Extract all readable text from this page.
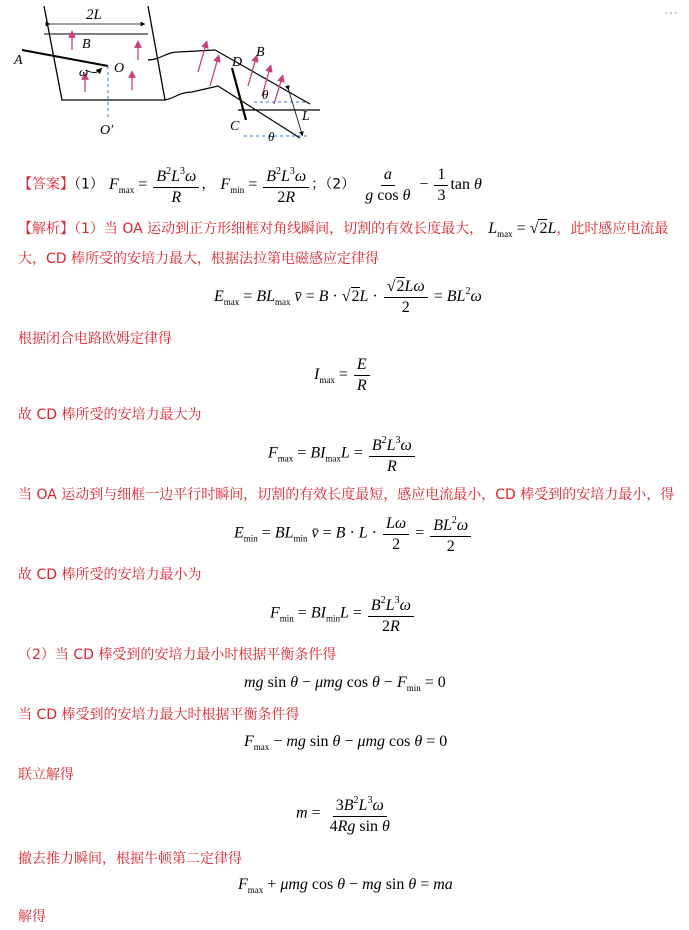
2L
B
A
O
ω
O′
D
B
C
θ
L
θ
…
【答案】（1） $F_{max} = \frac{B^2L^3\omega}{R}$ ， $F_{min} = \frac{B^2L^3\omega}{2R}$ ；$(2) \frac{a}{\text{g cos θ}} - \frac{1}{3}$ tan θ
【解析】（1）当 OA 运动到正方形细框对角线瞬间，切割的有效长度最大， $L_{max} = √2L$，此时感应电流最
大，CD 棒所受的安培力最大，根据法拉第电磁感应定律得
$E_{max} = BL_{max}$ v̄ = $B \cdot √2L \cdot \frac{√2L\omega}{2} = BL^2\omega$
根据闭合电路欧姆定律得
$I_{max} = \frac{E}{R}$
故 CD 棒所受的安培力最大为
$F_{max} = BI_{max}L = \frac{B^2L^3\omega}{R}$
当 OA 运动到与细框一边平行时瞬间，切割的有效长度最短，感应电流最小，CD 棒受到的安培力最小，得
$E_{min} = BL_{min}$ v̄ = $B \cdot L \cdot \frac{L\omega}{2} = \frac{BL^2\omega}{2}$
故 CD 棒所受的安培力最小为
$F_{min} = BI_{min}L = \frac{B^2L^3\omega}{2R}$
（2）当 CD 棒受到的安培力最小时根据平衡条件得
mg sin θ − μmg $\cos \theta - F_{min} = 0$
当 CD 棒受到的安培力最大时根据平衡条件得
$F_{max}$ − mg sin θ − μmg cos θ = 0
联立解得
$m = \frac{3B^2L^3\omega}{\text{4Rg sin θ}}$
撤去推力瞬间，根据牛顿第二定律得
$F_{max} + \mu mg$ cos θ − mg sin θ = ma
解得
